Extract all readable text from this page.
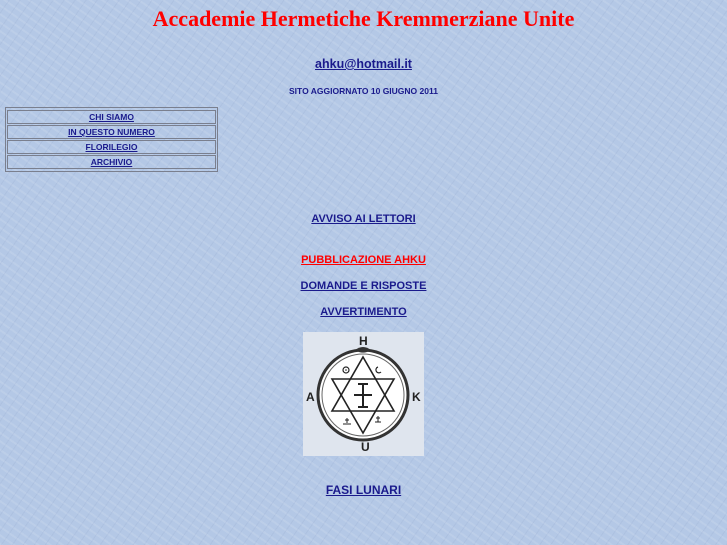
Accademie Hermetiche Kremmerziane Unite
ahku@hotmail.it
SITO AGGIORNATO 10 GIUGNO 2011
CHI SIAMO
IN QUESTO NUMERO
FLORILEGIO
ARCHIVIO
AVVISO AI LETTORI
PUBBLICAZIONE AHKU
DOMANDE E RISPOSTE
AVVERTIMENTO
H
A	K
U
FASI LUNARI
